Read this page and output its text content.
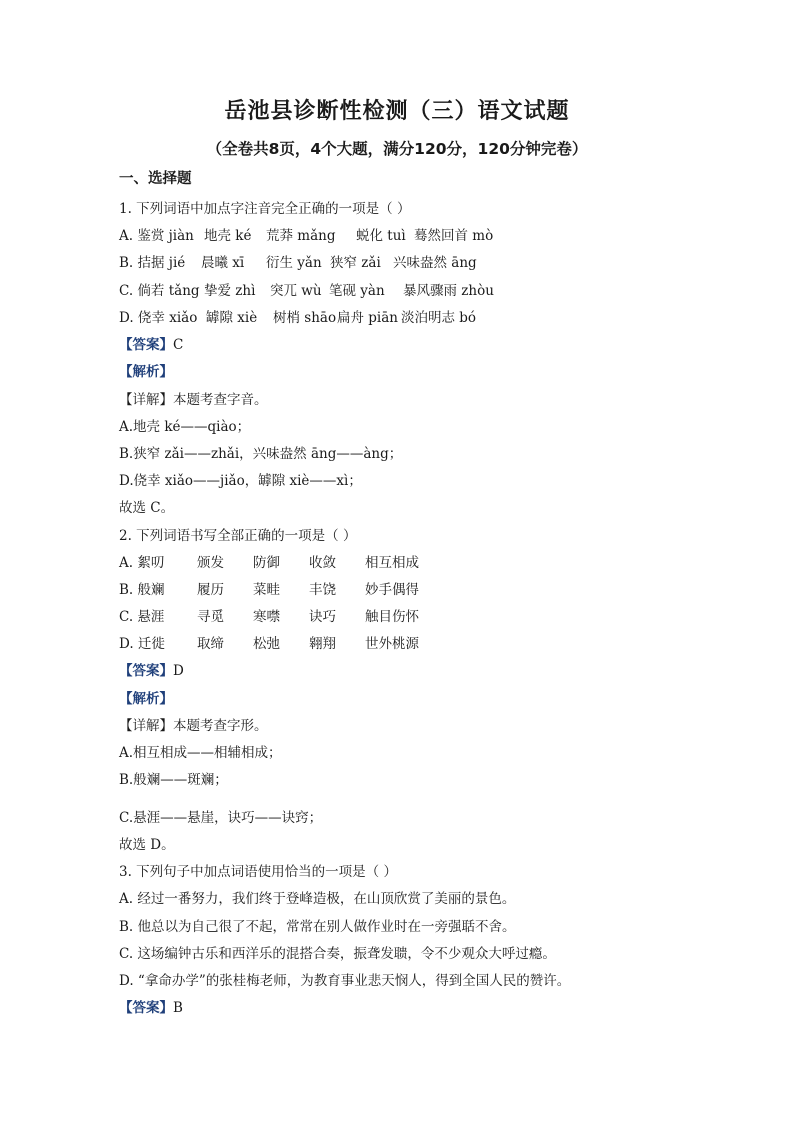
岳池县诊断性检测（三）语文试题
（全卷共8页，4个大题，满分120分，120分钟完卷）
一、选择题
1. 下列词语中加点字注音完全正确的一项是（ ）
A. 鉴赏 jiàn 地壳 ké 荒莽 mǎng 蜕化 tuì 蓦然回首 mò
B. 拮据 jié 晨曦 xī 衍生 yǎn 狭窄 zǎi 兴味盎然 āng
C. 倘若 tǎng 挚爱 zhì 突兀 wù 笔砚 yàn 暴风骤雨 zhòu
D. 侥幸 xiǎo 罅隙 xiè 树梢 shāo扁舟 piān 淡泊明志 bó
【答案】C
【解析】
【详解】本题考查字音。
A.地壳 ké——qiào；
B.狭窄 zǎi——zhǎi，兴味盎然 āng——àng；
D.侥幸 xiǎo——jiǎo，罅隙 xiè——xì；
故选 C。
2. 下列词语书写全部正确的一项是（ ）
A. 絮叨 颁发 防御 收敛 相互相成
B. 般斓 履历 菜畦 丰饶 妙手偶得
C. 悬涯 寻觅 寒噤 诀巧 触目伤怀
D. 迁徙 取缔 松弛 翱翔 世外桃源
【答案】D
【解析】
【详解】本题考查字形。
A.相互相成——相辅相成；
B.般斓——斑斓；
C.悬涯——悬崖，诀巧——诀窍；
故选 D。
3. 下列句子中加点词语使用恰当的一项是（ ）
A. 经过一番努力，我们终于登峰造极，在山顶欣赏了美丽的景色。
B. 他总以为自己很了不起，常常在别人做作业时在一旁强聒不舍。
C. 这场编钟古乐和西洋乐的混搭合奏，振聋发聩，令不少观众大呼过瘾。
D. “拿命办学”的张桂梅老师，为教育事业悲天悯人，得到全国人民的赞许。
【答案】B
